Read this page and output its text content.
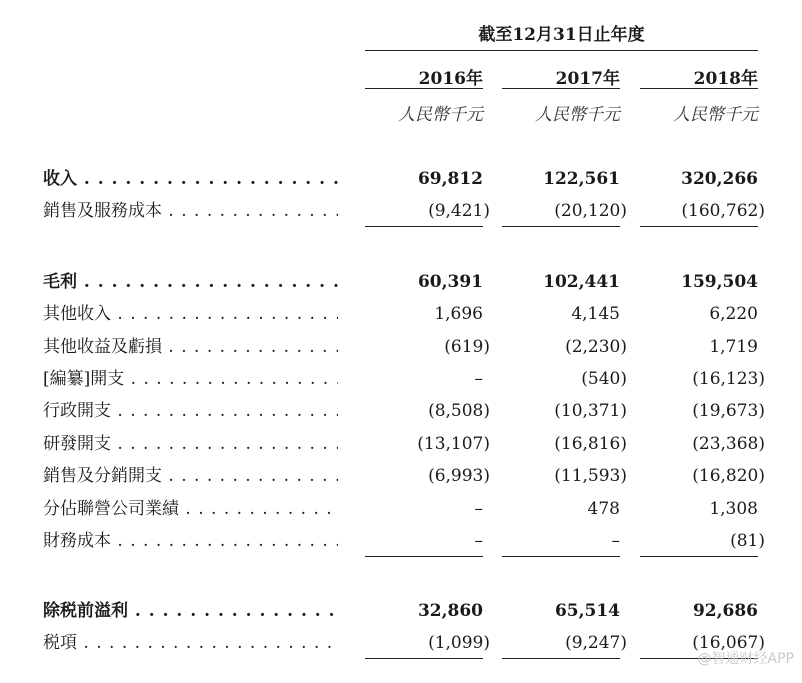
截至12月31日止年度
2016年	2017年	2018年
人民幣千元	人民幣千元	人民幣千元
收入 . . .	69,812	122,561	320,266
銷售及服務成本 . . .	(9,421)	(20,120)	(160,762)
毛利 . . .	60,391	102,441	159,504
其他收入 . . .	1,696	4,145	6,220
其他收益及虧損 . . .	(619)	(2,230)	1,719
[編纂]開支 . . .	–	(540)	(16,123)
行政開支 . . .	(8,508)	(10,371)	(19,673)
研發開支 . . .	(13,107)	(16,816)	(23,368)
銷售及分銷開支 . . .	(6,993)	(11,593)	(16,820)
分佔聯營公司業績 . . .	–	478	1,308
財務成本 . . .	–	–	(81)
除税前溢利 . . .	32,860	65,514	92,686
税項 . . .	(1,099)	(9,247)	(16,067)
@智通财经APP
